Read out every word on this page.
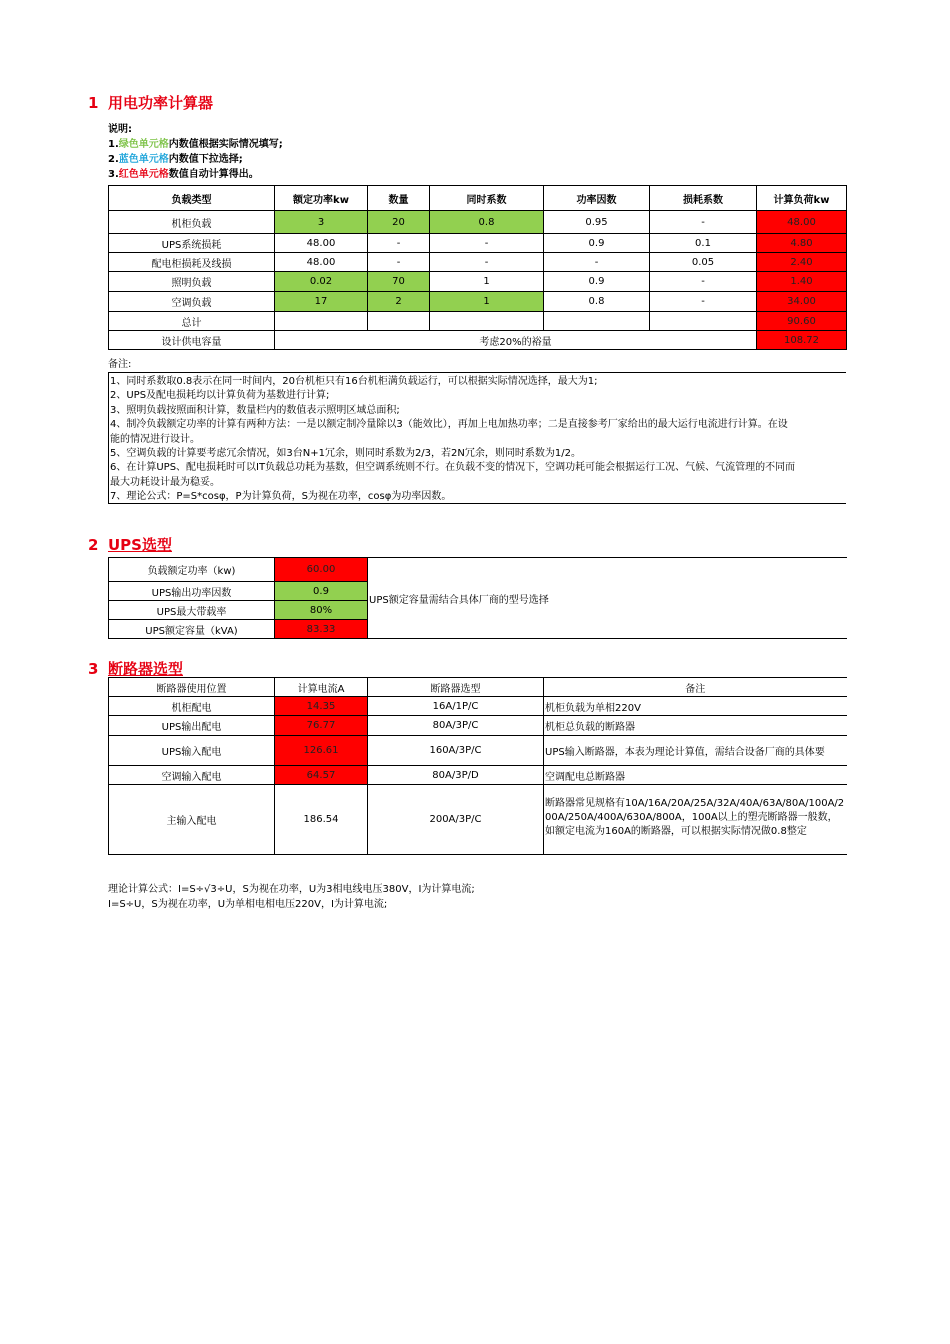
1 用电功率计算器
说明:
1.绿色单元格内数值根据实际情况填写;
2.蓝色单元格内数值下拉选择;
3.红色单元格数值自动计算得出。
负载类型	额定功率kw	数量	同时系数	功率因数	损耗系数	计算负荷kw
机柜负载	3	20	0.8	0.95	-	48.00
UPS系统损耗	48.00	-	-	0.9	0.1	4.80
配电柜损耗及线损	48.00	-	-	-	0.05	2.40
照明负载	0.02	70	1	0.9	-	1.40
空调负载	17	2	1	0.8	-	34.00
总计						90.60
设计供电容量	考虑20%的裕量					108.72
备注:
1、同时系数取0.8表示在同一时间内，20台机柜只有16台机柜满负载运行，可以根据实际情况选择，最大为1;
2、UPS及配电损耗均以计算负荷为基数进行计算;
3、照明负载按照面积计算，数量栏内的数值表示照明区域总面积;
4、制冷负载额定功率的计算有两种方法：一是以额定制冷量除以3（能效比），再加上电加热功率；二是直接参考厂家给出的最大运行电流进行计算。在设
能的情况进行设计。
5、空调负载的计算要考虑冗余情况，如3台N+1冗余，则同时系数为2/3，若2N冗余，则同时系数为1/2。
6、在计算UPS、配电损耗时可以IT负载总功耗为基数，但空调系统则不行。在负载不变的情况下，空调功耗可能会根据运行工况、气候、气流管理的不同而
最大功耗设计最为稳妥。
7、理论公式：P=S*cosφ，P为计算负荷，S为视在功率，cosφ为功率因数。
2 UPS选型
负载额定功率（kw)	60.00	UPS额定容量需结合具体厂商的型号选择
UPS输出功率因数	0.9	
UPS最大带载率	80%	
UPS额定容量（kVA)	83.33	
3 断路器选型
断路器使用位置	计算电流A	断路器选型	备注
机柜配电	14.35	16A/1P/C	机柜负载为单相220V
UPS输出配电	76.77	80A/3P/C	机柜总负载的断路器
UPS输入配电	126.61	160A/3P/C	UPS输入断路器，本表为理论计算值，需结合设备厂商的具体要
空调输入配电	64.57	80A/3P/D	空调配电总断路器
主输入配电	186.54	200A/3P/C	断路器常见规格有10A/16A/20A/25A/32A/40A/63A/80A/100A/200A/250A/400A/630A/800A，100A以上的塑壳断路器一般数，如额定电流为160A的断路器，可以根据实际情况做0.8整定
理论计算公式：I=S÷√3÷U，S为视在功率，U为3相电线电压380V，I为计算电流;
I=S÷U，S为视在功率，U为单相电相电压220V，I为计算电流;
